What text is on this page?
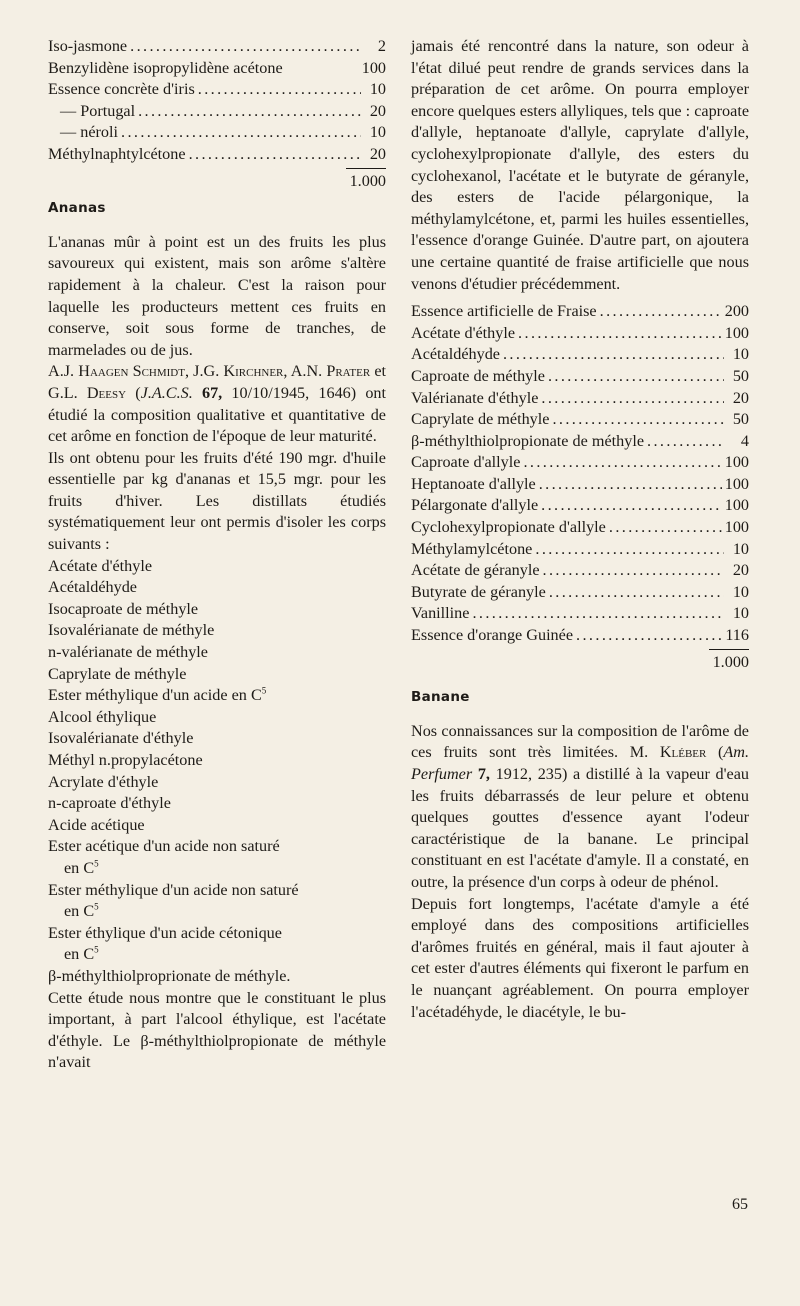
Iso-jasmone .....	2
Benzylidène isopropylidène acétone	100
Essence concrète d'iris .....	10
— Portugal .....	20
— néroli .....	10
Méthylnaphtylcétone .....	20
1.000
Ananas

L'ananas mûr à point est un des fruits les plus savoureux qui existent, mais son arôme s'altère rapidement à la chaleur. C'est la raison pour laquelle les producteurs mettent ces fruits en conserve, soit sous forme de tranches, de marmelades ou de jus.

A.J. Haagen Schmidt, J.G. Kirchner, A.N. Prater et G.L. Deesy (J.A.C.S. 67, 10/10/1945, 1646) ont étudié la composition qualitative et quantitative de cet arôme en fonction de l'époque de leur maturité.

Ils ont obtenu pour les fruits d'été 190 mgr. d'huile essentielle par kg d'ananas et 15,5 mgr. pour les fruits d'hiver. Les distillats étudiés systématiquement leur ont permis d'isoler les corps suivants :

Acétate d'éthyle
Acétaldéhyde
Isocaproate de méthyle
Isovalérianate de méthyle
n-valérianate de méthyle
Caprylate de méthyle
Ester méthylique d'un acide en $C^5$
Alcool éthylique
Isovalérianate d'éthyle
Méthyl n.propylacétone
Acrylate d'éthyle
n-caproate d'éthyle
Acide acétique
Ester acétique d'un acide non saturé
en $C^5$
Ester méthylique d'un acide non saturé
en $C^5$
Ester éthylique d'un acide cétonique
en $C^5$
β-méthylthiolproprionate de méthyle.

Cette étude nous montre que le constituant le plus important, à part l'alcool éthylique, est l'acétate d'éthyle. Le β-méthylthiolpropionate de méthyle n'avait

jamais été rencontré dans la nature, son odeur à l'état dilué peut rendre de grands services dans la préparation de cet arôme. On pourra employer encore quelques esters allyliques, tels que : caproate d'allyle, heptanoate d'allyle, caprylate d'allyle, cyclohexylpropionate d'allyle, des esters du cyclohexanol, l'acétate et le butyrate de géranyle, des esters de l'acide pélargonique, la méthylamylcétone, et, parmi les huiles essentielles, l'essence d'orange Guinée. D'autre part, on ajoutera une certaine quantité de fraise artificielle que nous venons d'étudier précédemment.

Essence artificielle de Fraise .....	200
Acétate d'éthyle .....	100
Acétaldéhyde .....	10
Caproate de méthyle .....	50
Valérianate d'éthyle .....	20
Caprylate de méthyle .....	50
β-méthylthiolpropionate de méthyle .....	4
Caproate d'allyle .....	100
Heptanoate d'allyle .....	100
Pélargonate d'allyle .....	100
Cyclohexylpropionate d'allyle .....	100
Méthylamylcétone .....	10
Acétate de géranyle .....	20
Butyrate de géranyle .....	10
Vanilline .....	10
Essence d'orange Guinée .....	116
1.000
Banane

Nos connaissances sur la composition de l'arôme de ces fruits sont très limitées. M. Kléber (Am. Perfumer 7, 1912, 235) a distillé à la vapeur d'eau les fruits débarrassés de leur pelure et obtenu quelques gouttes d'essence ayant l'odeur caractéristique de la banane. Le principal constituant en est l'acétate d'amyle. Il a constaté, en outre, la présence d'un corps à odeur de phénol.

Depuis fort longtemps, l'acétate d'amyle a été employé dans des compositions artificielles d'arômes fruités en général, mais il faut ajouter à cet ester d'autres éléments qui fixeront le parfum en le nuançant agréablement. On pourra employer l'acétadéhyde, le diacétyle, le bu-

65
